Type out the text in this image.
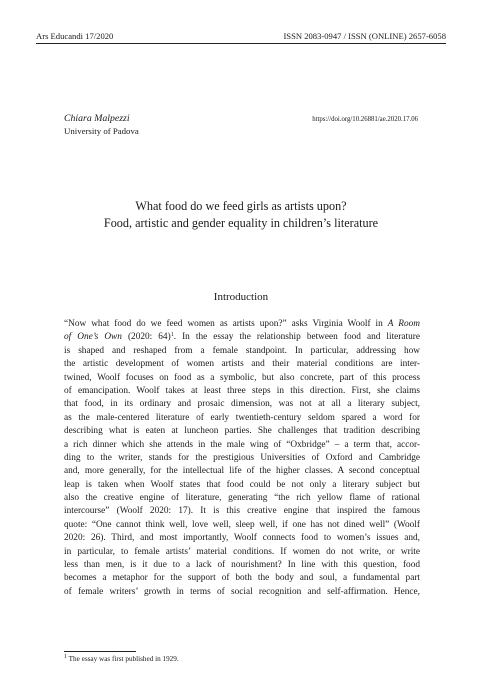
Ars Educandi 17/2020	ISSN 2083-0947 / ISSN (ONLINE) 2657-6058
Chiara Malpezzi
University of Padova
https://doi.org/10.26881/ae.2020.17.06
What food do we feed girls as artists upon?
Food, artistic and gender equality in children’s literature
Introduction
“Now what food do we feed women as artists upon?” asks Virginia Woolf in A Room
of One’s Own (2020: 64)$^1$. In the essay the relationship between food and literature
is shaped and reshaped from a female standpoint. In particular, addressing how
the artistic development of women artists and their material conditions are inter-
twined, Woolf focuses on food as a symbolic, but also concrete, part of this process
of emancipation. Woolf takes at least three steps in this direction. First, she claims
that food, in its ordinary and prosaic dimension, was not at all a literary subject,
as the male-centered literature of early twentieth-century seldom spared a word for
describing what is eaten at luncheon parties. She challenges that tradition describing
a rich dinner which she attends in the male wing of “Oxbridge” – a term that, accor-
ding to the writer, stands for the prestigious Universities of Oxford and Cambridge
and, more generally, for the intellectual life of the higher classes. A second conceptual
leap is taken when Woolf states that food could be not only a literary subject but
also the creative engine of literature, generating “the rich yellow flame of rational
intercourse” (Woolf 2020: 17). It is this creative engine that inspired the famous
quote: “One cannot think well, love well, sleep well, if one has not dined well” (Woolf
2020: 26). Third, and most importantly, Woolf connects food to women’s issues and,
in particular, to female artists’ material conditions. If women do not write, or write
less than men, is it due to a lack of nourishment? In line with this question, food
becomes a metaphor for the support of both the body and soul, a fundamental part
of female writers’ growth in terms of social recognition and self-affirmation. Hence,
$^1$ The essay was first published in 1929.
